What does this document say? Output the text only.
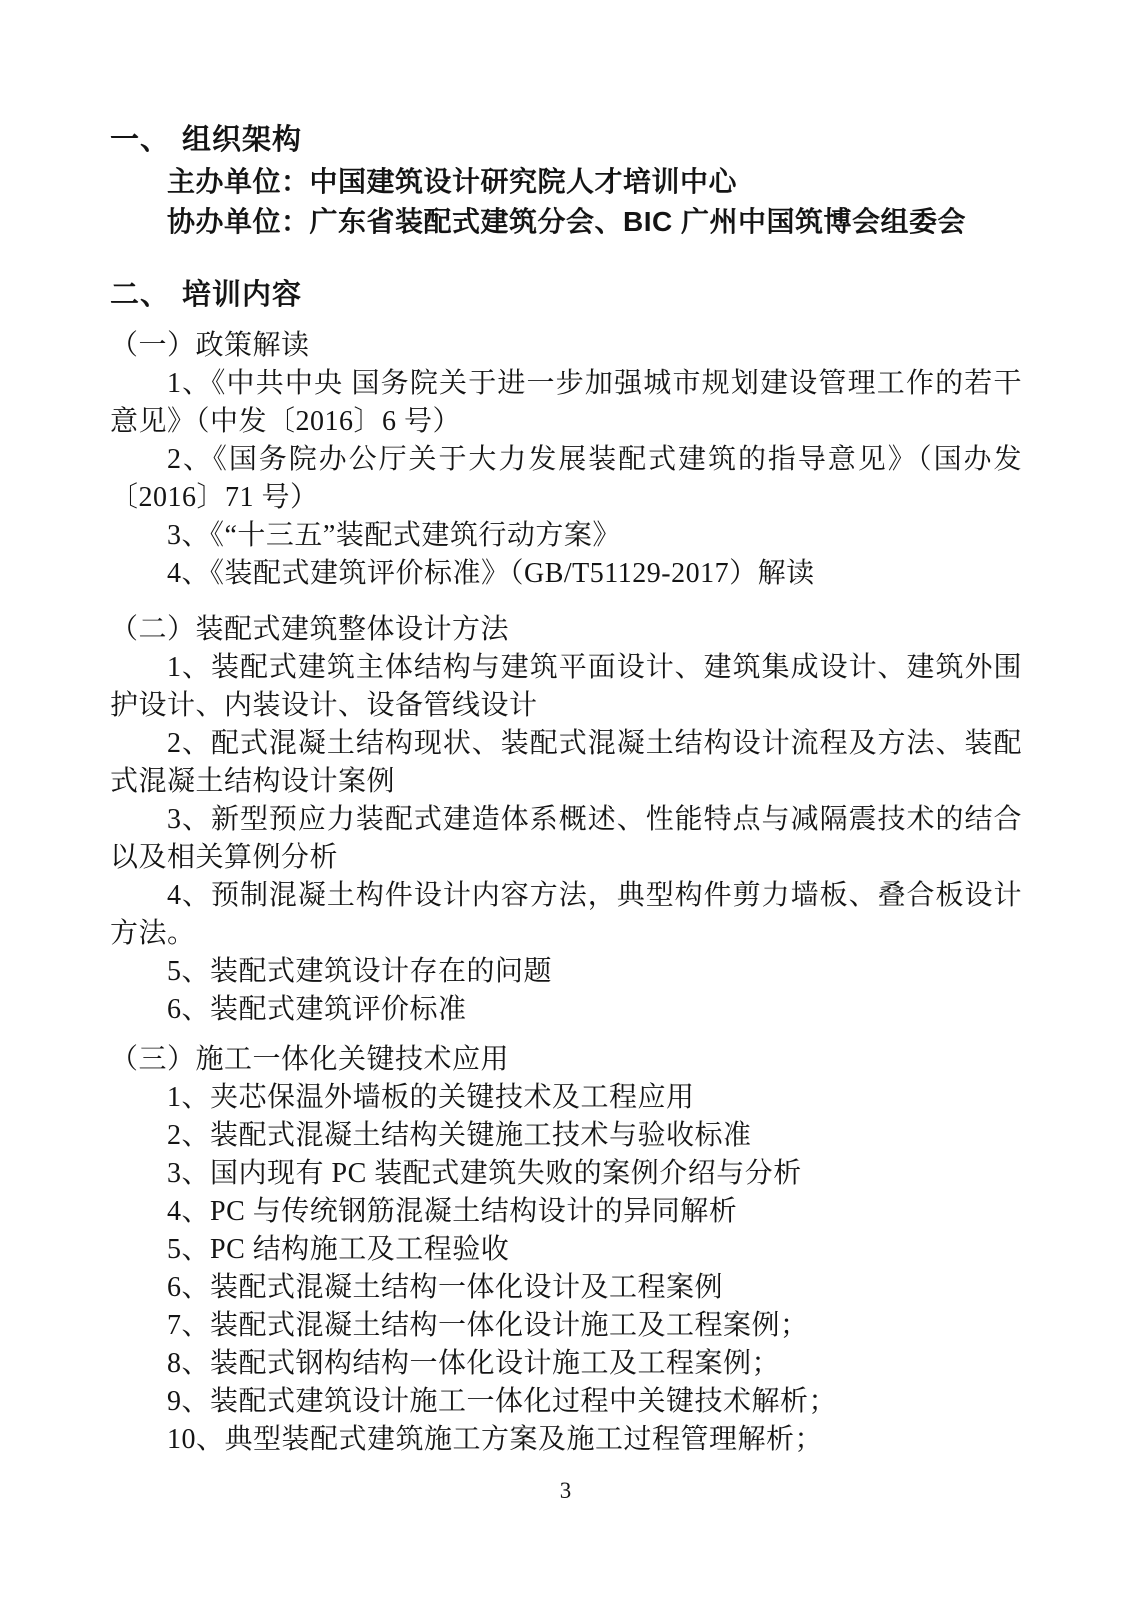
一、 组织架构
主办单位：中国建筑设计研究院人才培训中心
协办单位：广东省装配式建筑分会、BIC 广州中国筑博会组委会
二、 培训内容
（一）政策解读
1、《中共中央 国务院关于进一步加强城市规划建设管理工作的若干意见》（中发〔2016〕6 号）
2、《国务院办公厅关于大力发展装配式建筑的指导意见》（国办发〔2016〕71 号）
3、《“十三五”装配式建筑行动方案》
4、《装配式建筑评价标准》（GB/T51129-2017）解读
（二）装配式建筑整体设计方法
1、装配式建筑主体结构与建筑平面设计、建筑集成设计、建筑外围护设计、内装设计、设备管线设计
2、配式混凝土结构现状、装配式混凝土结构设计流程及方法、装配式混凝土结构设计案例
3、新型预应力装配式建造体系概述、性能特点与减隔震技术的结合以及相关算例分析
4、预制混凝土构件设计内容方法，典型构件剪力墙板、叠合板设计方法。
5、装配式建筑设计存在的问题
6、装配式建筑评价标准
（三）施工一体化关键技术应用
1、夹芯保温外墙板的关键技术及工程应用
2、装配式混凝土结构关键施工技术与验收标准
3、国内现有 PC 装配式建筑失败的案例介绍与分析
4、PC 与传统钢筋混凝土结构设计的异同解析
5、PC 结构施工及工程验收
6、装配式混凝土结构一体化设计及工程案例
7、装配式混凝土结构一体化设计施工及工程案例；
8、装配式钢构结构一体化设计施工及工程案例；
9、装配式建筑设计施工一体化过程中关键技术解析；
10、典型装配式建筑施工方案及施工过程管理解析；
3
